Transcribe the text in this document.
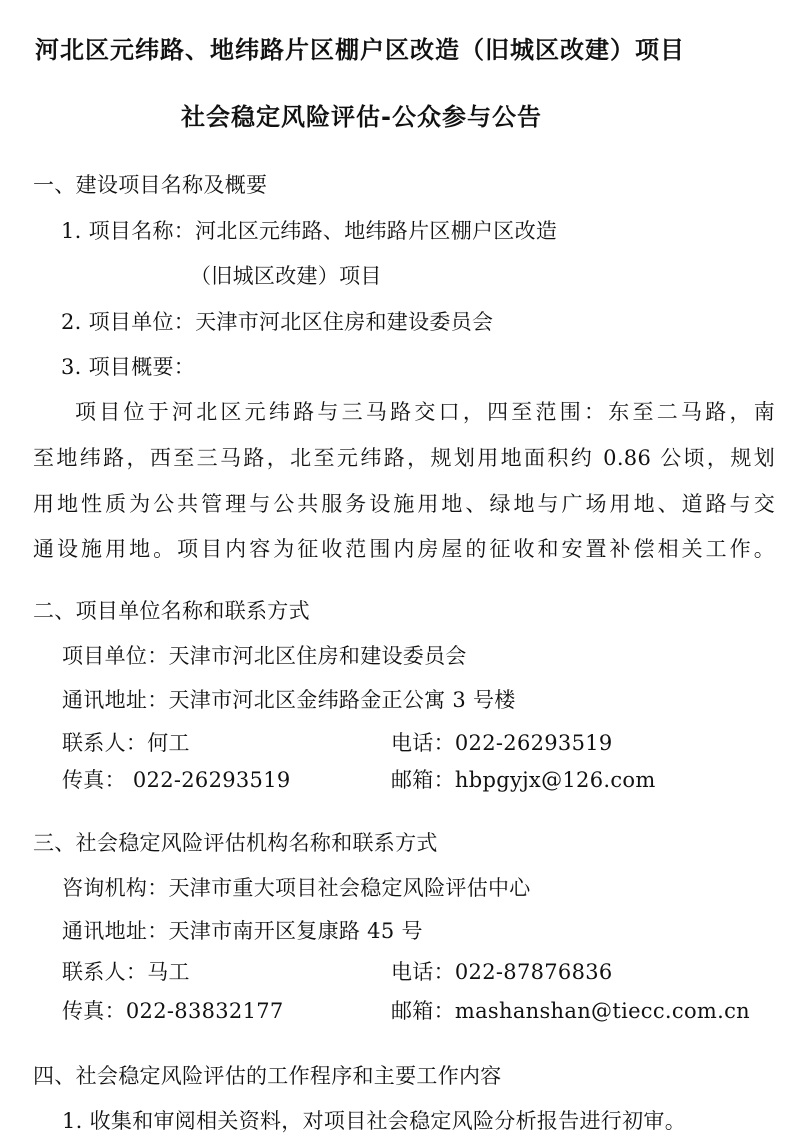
河北区元纬路、地纬路片区棚户区改造（旧城区改建）项目
社会稳定风险评估-公众参与公告
一、建设项目名称及概要
1. 项目名称：河北区元纬路、地纬路片区棚户区改造
（旧城区改建）项目
2. 项目单位：天津市河北区住房和建设委员会
3. 项目概要：
项目位于河北区元纬路与三马路交口，四至范围：东至二马路，南
至地纬路，西至三马路，北至元纬路，规划用地面积约 0.86 公顷，规划
用地性质为公共管理与公共服务设施用地、绿地与广场用地、道路与交
通设施用地。项目内容为征收范围内房屋的征收和安置补偿相关工作。
二、项目单位名称和联系方式
项目单位：天津市河北区住房和建设委员会
通讯地址：天津市河北区金纬路金正公寓 3 号楼
联系人：何工	电话：022-26293519
传真： 022-26293519	邮箱：hbpgyjx@126.com
三、社会稳定风险评估机构名称和联系方式
咨询机构：天津市重大项目社会稳定风险评估中心
通讯地址：天津市南开区复康路 45 号
联系人：马工	电话：022-87876836
传真：022-83832177	邮箱：mashanshan@tiecc.com.cn
四、社会稳定风险评估的工作程序和主要工作内容
1. 收集和审阅相关资料，对项目社会稳定风险分析报告进行初审。
